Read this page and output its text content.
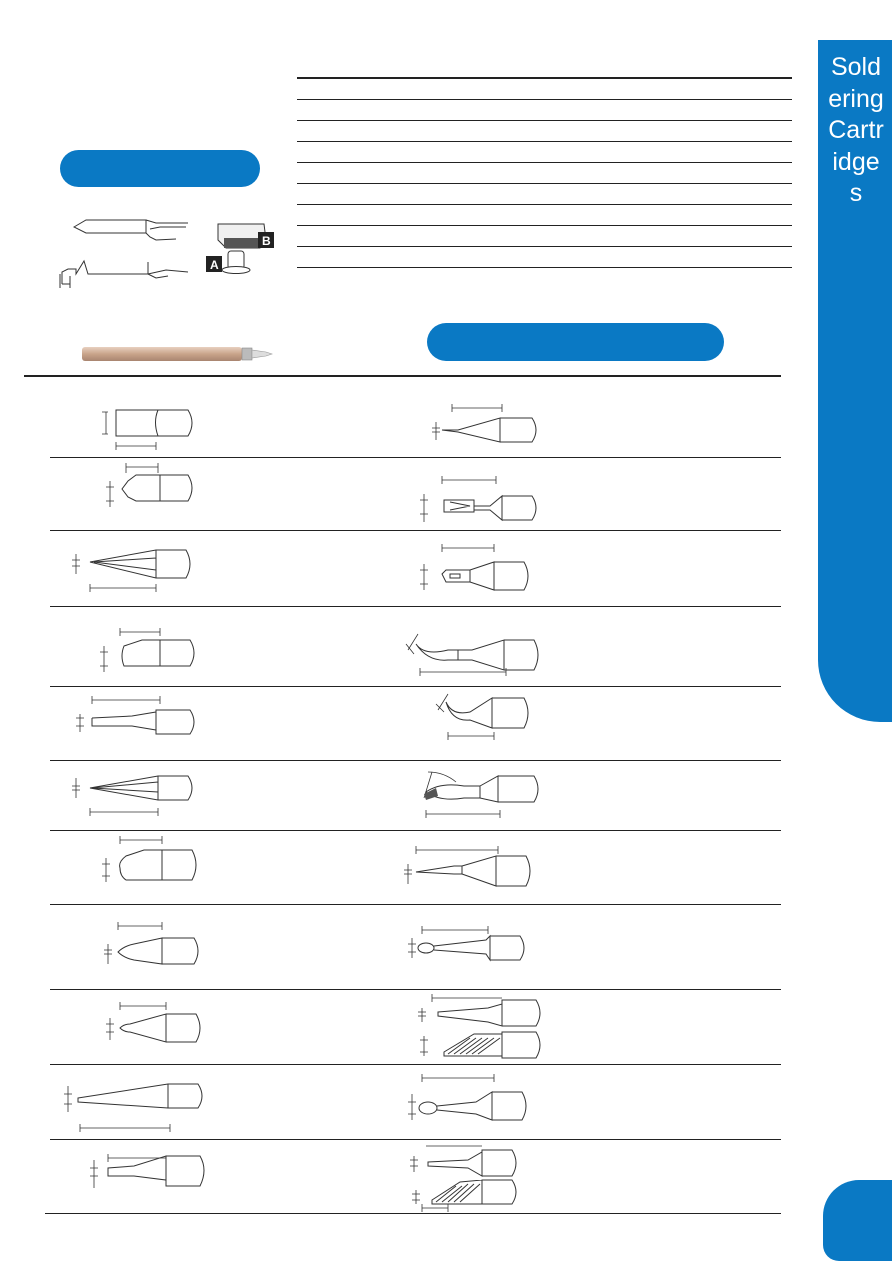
Soldering Cartridges
B
A
